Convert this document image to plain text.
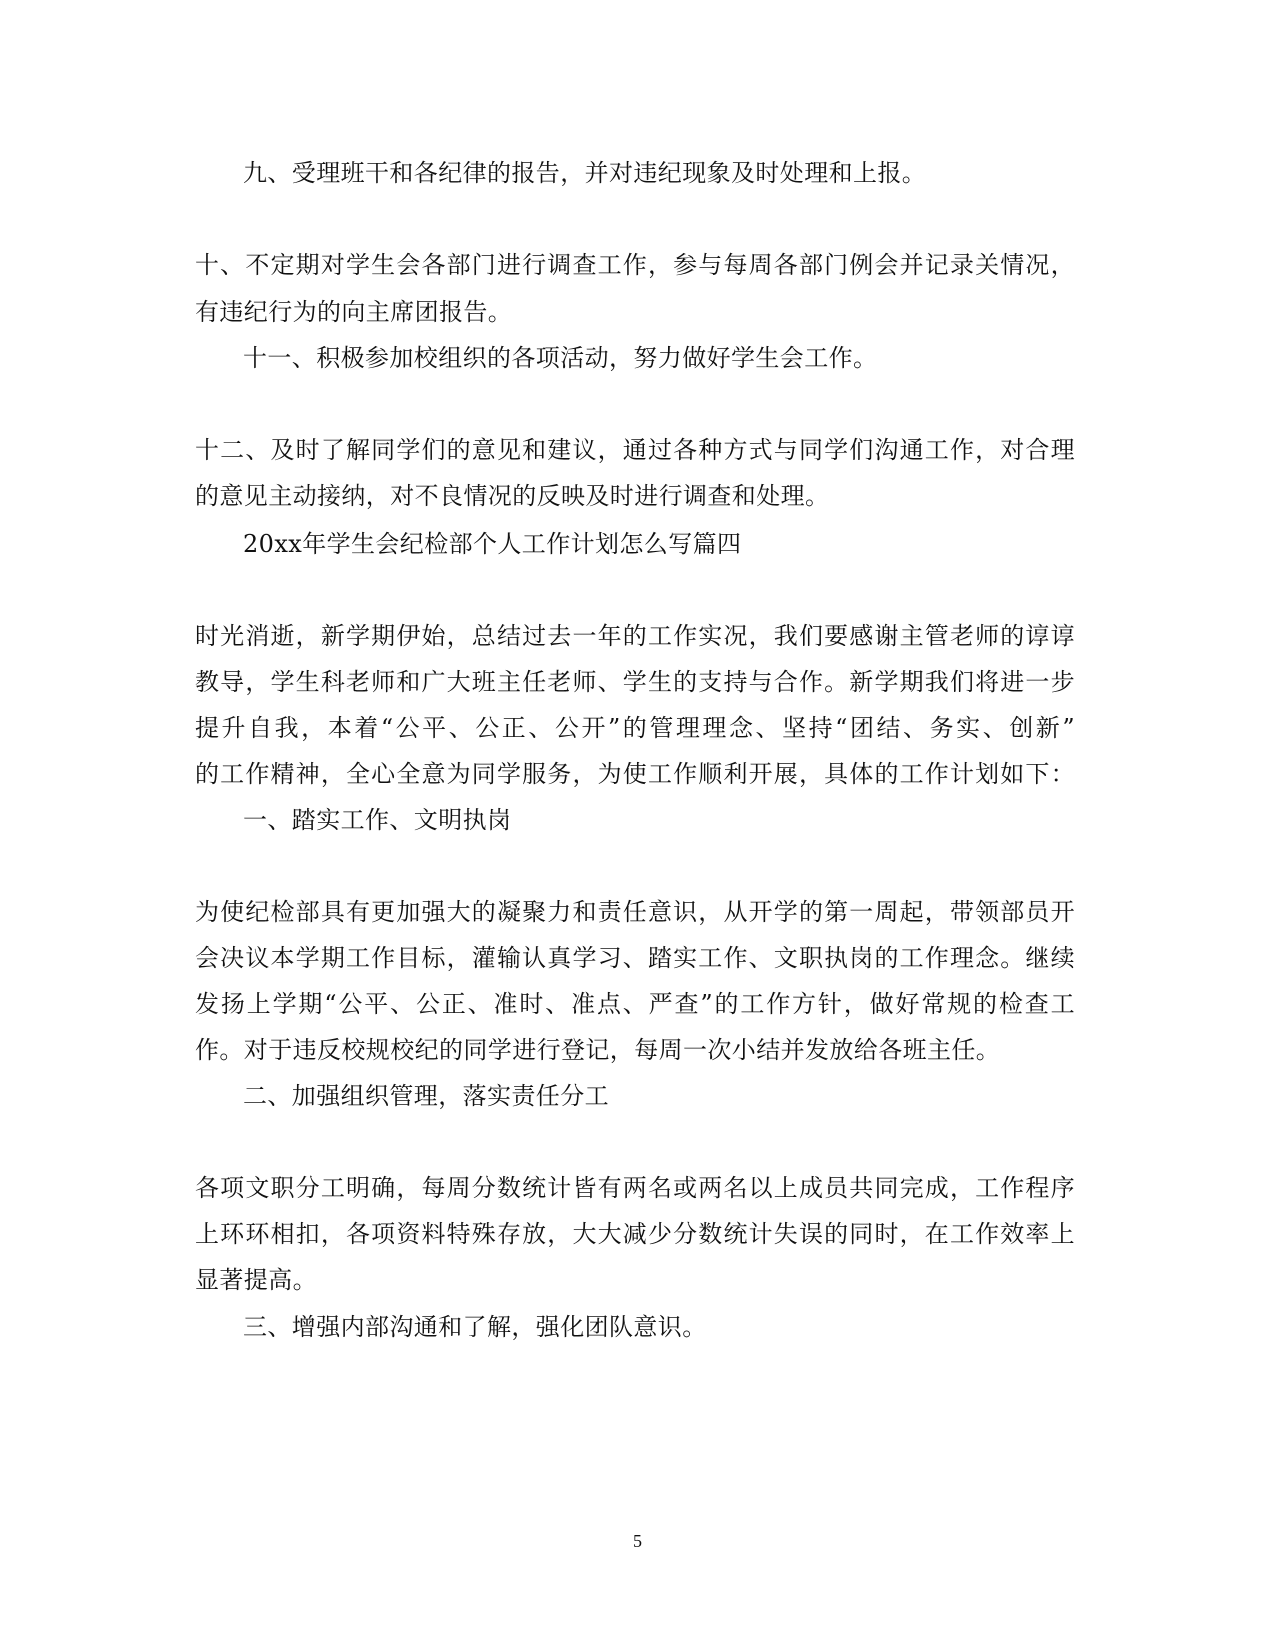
九、受理班干和各纪律的报告，并对违纪现象及时处理和上报。
十、不定期对学生会各部门进行调查工作，参与每周各部门例会并记录关情况，
有违纪行为的向主席团报告。
十一、积极参加校组织的各项活动，努力做好学生会工作。
十二、及时了解同学们的意见和建议，通过各种方式与同学们沟通工作，对合理
的意见主动接纳，对不良情况的反映及时进行调查和处理。
20xx年学生会纪检部个人工作计划怎么写篇四
时光消逝，新学期伊始，总结过去一年的工作实况，我们要感谢主管老师的谆谆
教导，学生科老师和广大班主任老师、学生的支持与合作。新学期我们将进一步
提升自我，本着“公平、公正、公开”的管理理念、坚持“团结、务实、创新”
的工作精神，全心全意为同学服务，为使工作顺利开展，具体的工作计划如下：
一、踏实工作、文明执岗
为使纪检部具有更加强大的凝聚力和责任意识，从开学的第一周起，带领部员开
会决议本学期工作目标，灌输认真学习、踏实工作、文职执岗的工作理念。继续
发扬上学期“公平、公正、准时、准点、严查”的工作方针，做好常规的检查工
作。对于违反校规校纪的同学进行登记，每周一次小结并发放给各班主任。
二、加强组织管理，落实责任分工
各项文职分工明确，每周分数统计皆有两名或两名以上成员共同完成，工作程序
上环环相扣，各项资料特殊存放，大大减少分数统计失误的同时，在工作效率上
显著提高。
三、增强内部沟通和了解，强化团队意识。
5
